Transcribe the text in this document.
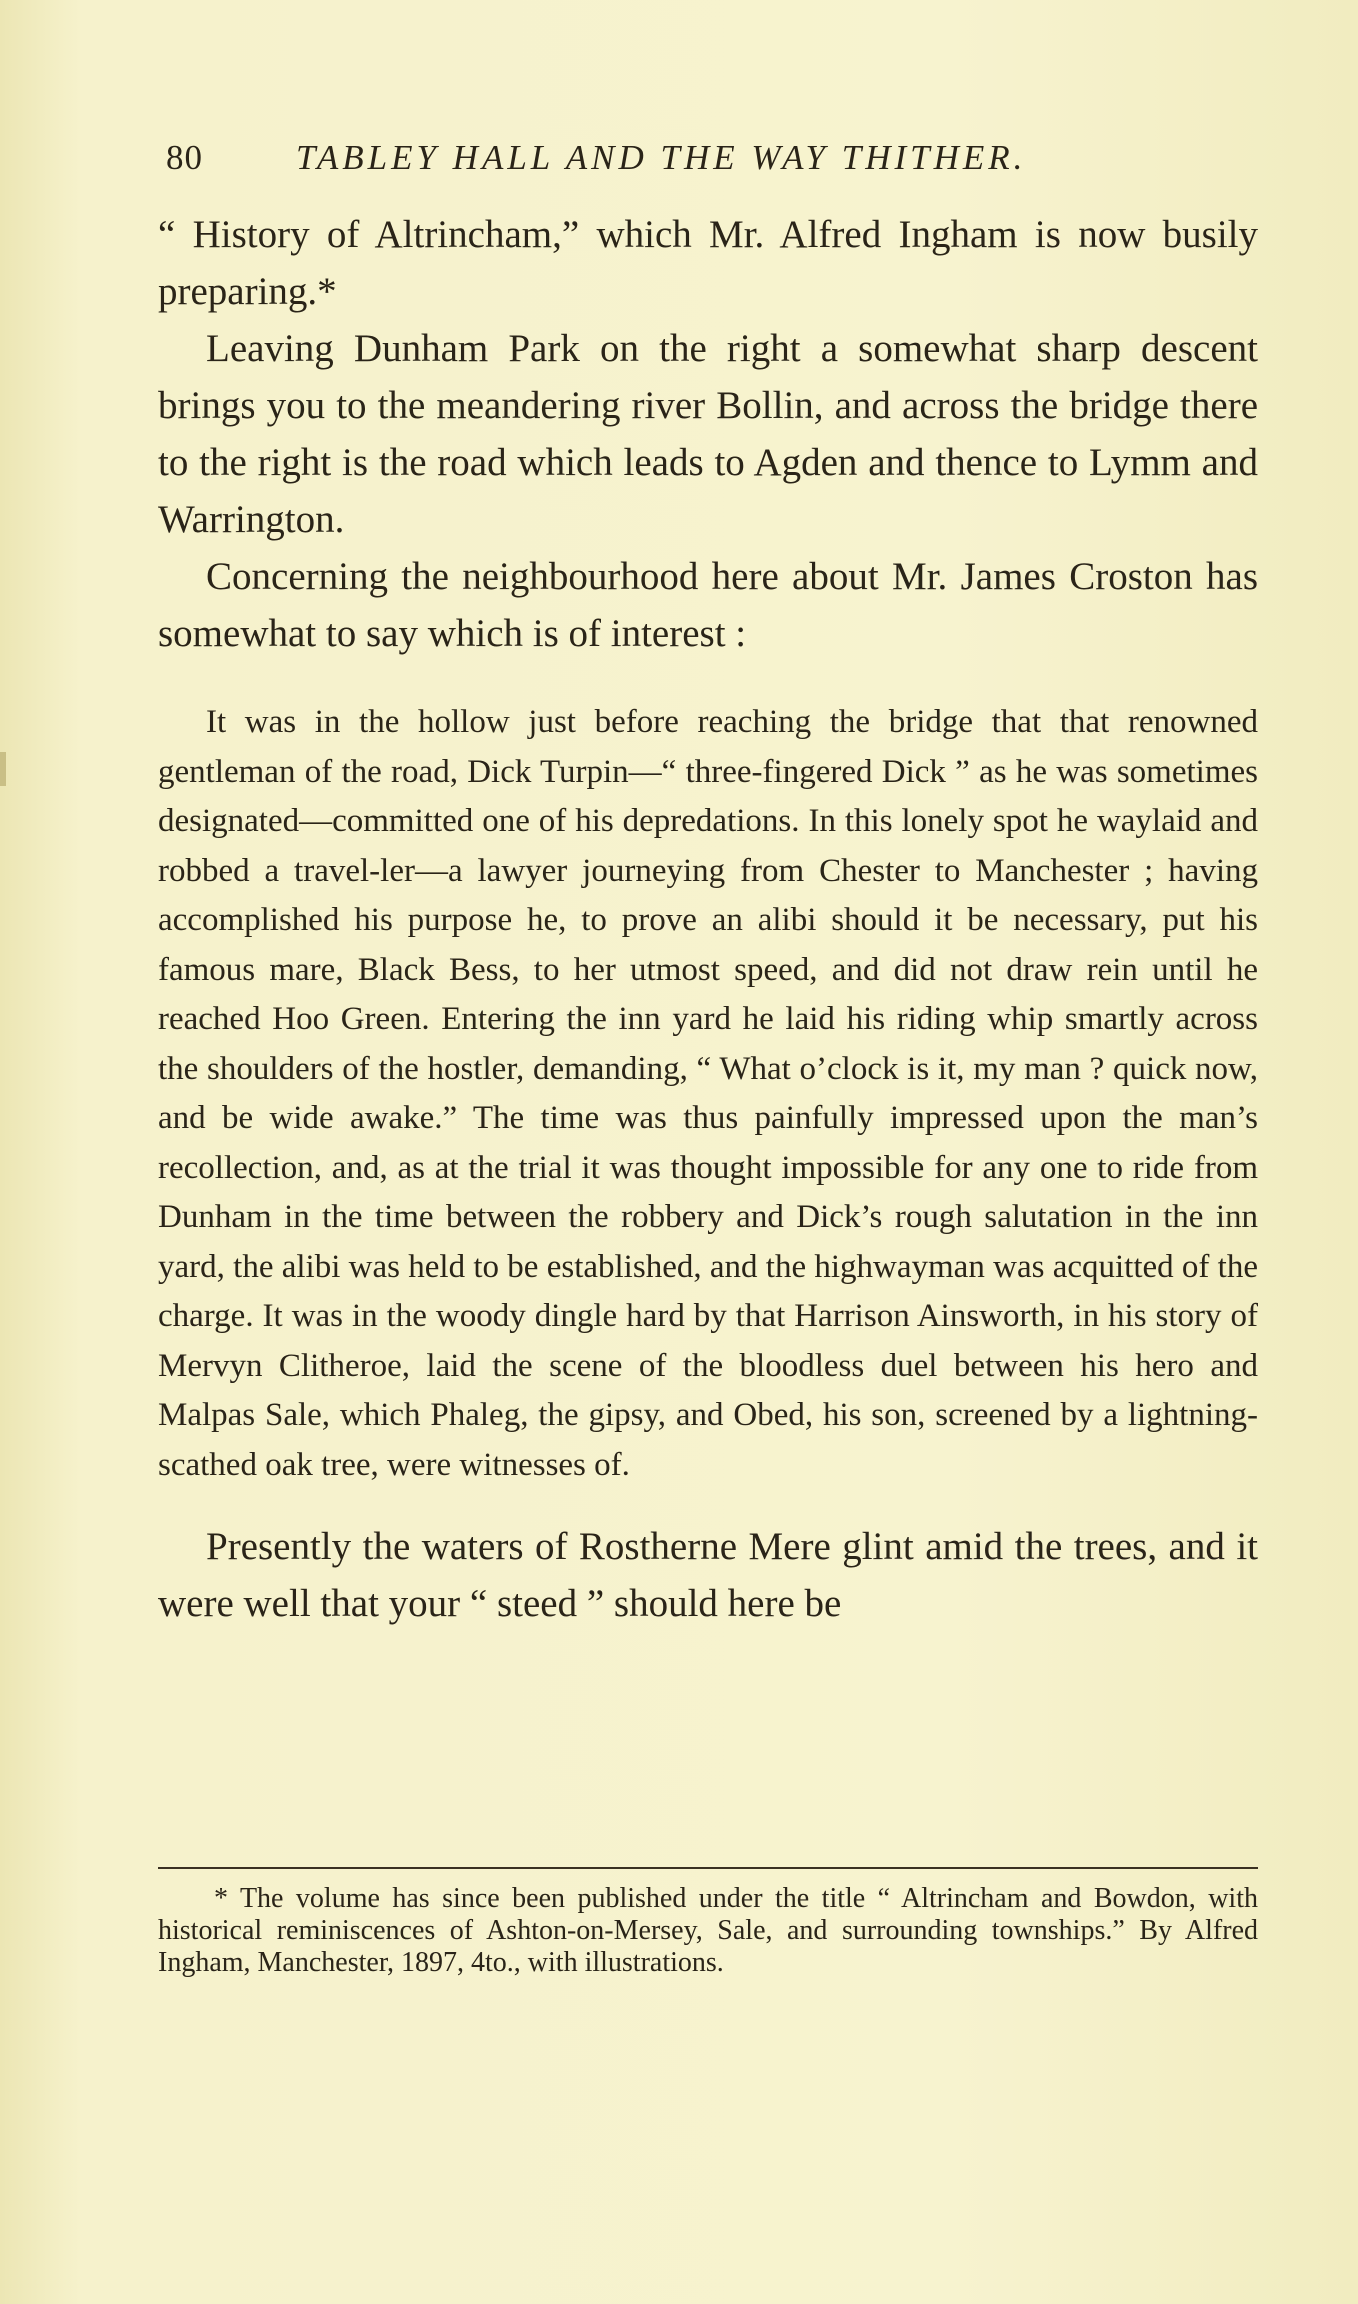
80	TABLEY HALL AND THE WAY THITHER.

“ History of Altrincham,” which Mr. Alfred Ingham is now busily preparing.*

Leaving Dunham Park on the right a somewhat sharp descent brings you to the meandering river Bollin, and across the bridge there to the right is the road which leads to Agden and thence to Lymm and Warrington.

Concerning the neighbourhood here about Mr. James Croston has somewhat to say which is of interest :

It was in the hollow just before reaching the bridge that that renowned gentleman of the road, Dick Turpin—“ three-fingered Dick ” as he was sometimes designated—committed one of his depredations. In this lonely spot he waylaid and robbed a travel-ler—a lawyer journeying from Chester to Manchester ; having accomplished his purpose he, to prove an alibi should it be necessary, put his famous mare, Black Bess, to her utmost speed, and did not draw rein until he reached Hoo Green. Entering the inn yard he laid his riding whip smartly across the shoulders of the hostler, demanding, “ What o’clock is it, my man ? quick now, and be wide awake.” The time was thus painfully impressed upon the man’s recollection, and, as at the trial it was thought impossible for any one to ride from Dunham in the time between the robbery and Dick’s rough salutation in the inn yard, the alibi was held to be established, and the highwayman was acquitted of the charge. It was in the woody dingle hard by that Harrison Ainsworth, in his story of Mervyn Clitheroe, laid the scene of the bloodless duel between his hero and Malpas Sale, which Phaleg, the gipsy, and Obed, his son, screened by a lightning-scathed oak tree, were witnesses of.

Presently the waters of Rostherne Mere glint amid the trees, and it were well that your “ steed ” should here be

* The volume has since been published under the title “ Altrincham and Bowdon, with historical reminiscences of Ashton-on-Mersey, Sale, and surrounding townships.” By Alfred Ingham, Manchester, 1897, 4to., with illustrations.
